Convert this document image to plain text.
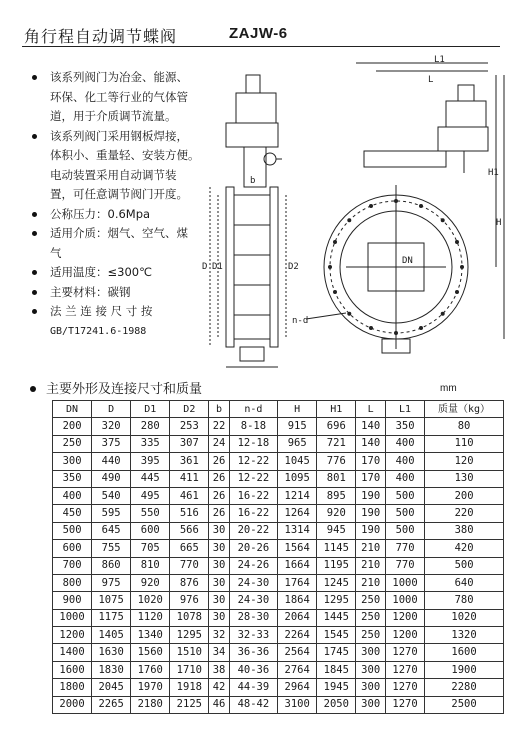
角行程自动调节蝶阀	ZAJW-6
该系列阀门为冶金、能源、
环保、化工等行业的气体管
道，用于介质调节流量。
该系列阀门采用钢板焊接，
体积小、重量轻、安装方便。
电动装置采用自动调节装
置，可任意调节阀门开度。
公称压力：0.6Mpa
适用介质：烟气、空气、煤
气
适用温度：≤300℃
主要材料：碳钢
法 兰 连 接 尺 寸 按
GB/T17241.6-1988
L1
L
H1
H
D D1	D2
DN
n-d
b
主要外形及连接尺寸和质量	mm
DN	D	D1	D2	b	n-d	H	H1	L	L1	质量（kg）
200	320	280	253	22	8-18	915	696	140	350	80
250	375	335	307	24	12-18	965	721	140	400	110
300	440	395	361	26	12-22	1045	776	170	400	120
350	490	445	411	26	12-22	1095	801	170	400	130
400	540	495	461	26	16-22	1214	895	190	500	200
450	595	550	516	26	16-22	1264	920	190	500	220
500	645	600	566	30	20-22	1314	945	190	500	380
600	755	705	665	30	20-26	1564	1145	210	770	420
700	860	810	770	30	24-26	1664	1195	210	770	500
800	975	920	876	30	24-30	1764	1245	210	1000	640
900	1075	1020	976	30	24-30	1864	1295	250	1000	780
1000	1175	1120	1078	30	28-30	2064	1445	250	1200	1020
1200	1405	1340	1295	32	32-33	2264	1545	250	1200	1320
1400	1630	1560	1510	34	36-36	2564	1745	300	1270	1600
1600	1830	1760	1710	38	40-36	2764	1845	300	1270	1900
1800	2045	1970	1918	42	44-39	2964	1945	300	1270	2280
2000	2265	2180	2125	46	48-42	3100	2050	300	1270	2500
